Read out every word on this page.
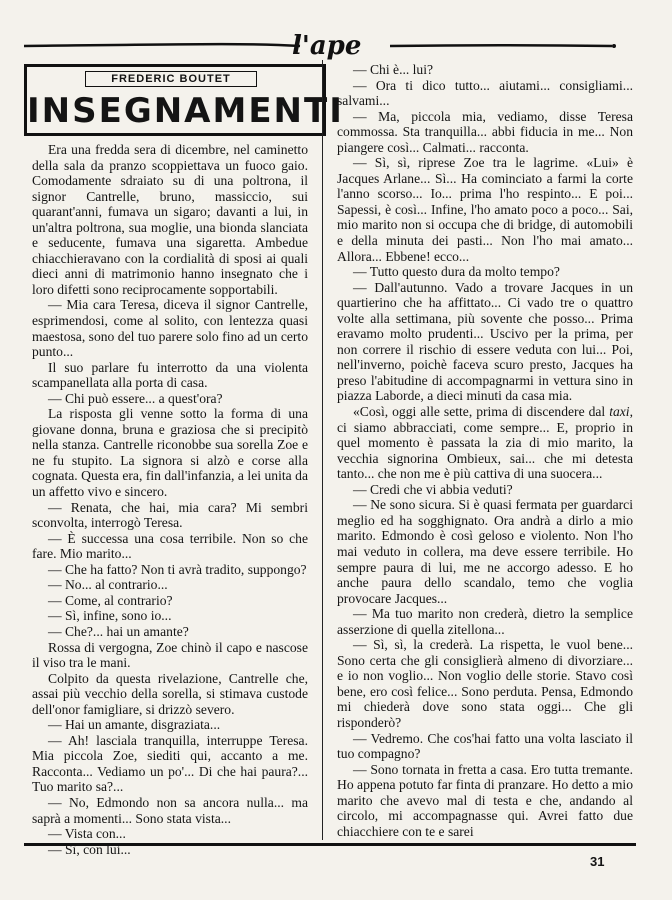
l'ape
FREDERIC BOUTET
INSEGNAMENTI

Era una fredda sera di dicembre, nel caminetto della sala da pranzo scoppiettava un fuoco gaio. Comodamente sdraiato su di una poltrona, il signor Cantrelle, bruno, massiccio, sui quarant'anni, fumava un sigaro; davanti a lui, in un'altra poltrona, sua moglie, una bionda slanciata e seducente, fumava una sigaretta. Ambedue chiacchieravano con la cordialità di sposi ai quali dieci anni di matrimonio hanno insegnato che i loro difetti sono reciprocamente sopportabili.

— Mia cara Teresa, diceva il signor Cantrelle, esprimendosi, come al solito, con lentezza quasi maestosa, sono del tuo parere solo fino ad un certo punto...

Il suo parlare fu interrotto da una violenta scampanellata alla porta di casa.

— Chi può essere... a quest'ora?

La risposta gli venne sotto la forma di una giovane donna, bruna e graziosa che si precipitò nella stanza. Cantrelle riconobbe sua sorella Zoe e ne fu stupito. La signora si alzò e corse alla cognata. Questa era, fin dall'infanzia, a lei unita da un affetto vivo e sincero.

— Renata, che hai, mia cara? Mi sembri sconvolta, interrogò Teresa.

— È successa una cosa terribile. Non so che fare. Mio marito...

— Che ha fatto? Non ti avrà tradito, suppongo?

— No... al contrario...

— Come, al contrario?

— Sì, infine, sono io...

— Che?... hai un amante?

Rossa di vergogna, Zoe chinò il capo e nascose il viso tra le mani.

Colpito da questa rivelazione, Cantrelle che, assai più vecchio della sorella, si stimava custode dell'onor famigliare, si drizzò severo.

— Hai un amante, disgraziata...

— Ah! lasciala tranquilla, interruppe Teresa. Mia piccola Zoe, siediti qui, accanto a me. Racconta... Vediamo un po'... Di che hai paura?... Tuo marito sa?...

— No, Edmondo non sa ancora nulla... ma saprà a momenti... Sono stata vista...

— Vista con...

— Sì, con lui...

— Chi è... lui?

— Ora ti dico tutto... aiutami... consigliami... salvami...

— Ma, piccola mia, vediamo, disse Teresa commossa. Sta tranquilla... abbi fiducia in me... Non piangere così... Calmati... racconta.

— Sì, sì, riprese Zoe tra le lagrime. «Lui» è Jacques Arlane... Sì... Ha cominciato a farmi la corte l'anno scorso... Io... prima l'ho respinto... E poi... Sapessi, è così... Infine, l'ho amato poco a poco... Sai, mio marito non si occupa che di bridge, di automobili e della minuta dei pasti... Non l'ho mai amato... Allora... Ebbene! ecco...

— Tutto questo dura da molto tempo?

— Dall'autunno. Vado a trovare Jacques in un quartierino che ha affittato... Ci vado tre o quattro volte alla settimana, più sovente che posso... Prima eravamo molto prudenti... Uscivo per la prima, per non correre il rischio di essere veduta con lui... Poi, nell'inverno, poichè faceva scuro presto, Jacques ha preso l'abitudine di accompagnarmi in vettura sino in piazza Laborde, a dieci minuti da casa mia.

«Così, oggi alle sette, prima di discendere dal taxi, ci siamo abbracciati, come sempre... E, proprio in quel momento è passata la zia di mio marito, la vecchia signorina Ombieux, sai... che mi detesta tanto... che non me è più cattiva di una suocera...

— Credi che vi abbia veduti?

— Ne sono sicura. Si è quasi fermata per guardarci meglio ed ha sogghignato. Ora andrà a dirlo a mio marito. Edmondo è così geloso e violento. Non l'ho mai veduto in collera, ma deve essere terribile. Ho sempre paura di lui, me ne accorgo adesso. E ho anche paura dello scandalo, temo che voglia provocare Jacques...

— Ma tuo marito non crederà, dietro la semplice asserzione di quella zitellona...

— Sì, sì, la crederà. La rispetta, le vuol bene... Sono certa che gli consiglierà almeno di divorziare... e io non voglio... Non voglio delle storie. Stavo così bene, ero così felice... Sono perduta. Pensa, Edmondo mi chiederà dove sono stata oggi... Che gli risponderò?

— Vedremo. Che cos'hai fatto una volta lasciato il tuo compagno?

— Sono tornata in fretta a casa. Ero tutta tremante. Ho appena potuto far finta di pranzare. Ho detto a mio marito che avevo mal di testa e che, andando al circolo, mi accompagnasse qui. Avrei fatto due chiacchiere con te e sarei

31
